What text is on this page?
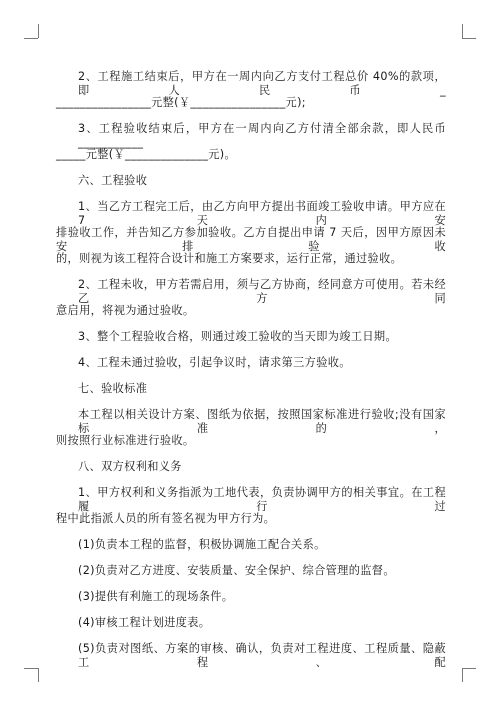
2、工程施工结束后，甲方在一周内向乙方支付工程总价 40%的款项，即人民币_
________________元整(￥________________元);
3、工程验收结束后，甲方在一周内向乙方付清全部余款，即人民币___________
_____元整(￥______________元)。
六、工程验收
1、当乙方工程完工后，由乙方向甲方提出书面竣工验收申请。甲方应在 7 天内安
排验收工作，并告知乙方参加验收。乙方自提出申请 7 天后，因甲方原因未安排验收
的，则视为该工程符合设计和施工方案要求，运行正常，通过验收。
2、工程未收，甲方若需启用，须与乙方协商，经同意方可使用。若未经乙方同
意启用，将视为通过验收。
3、整个工程验收合格，则通过竣工验收的当天即为竣工日期。
4、工程未通过验收，引起争议时，请求第三方验收。
七、验收标准
本工程以相关设计方案、图纸为依据，按照国家标准进行验收;没有国家标准的，
则按照行业标准进行验收。
八、双方权利和义务
1、甲方权利和义务指派为工地代表，负责协调甲方的相关事宜。在工程履行过
程中此指派人员的所有签名视为甲方行为。
(1)负责本工程的监督，积极协调施工配合关系。
(2)负责对乙方进度、安装质量、安全保护、综合管理的监督。
(3)提供有利施工的现场条件。
(4)审核工程计划进度表。
(5)负责对图纸、方案的审核、确认，负责对工程进度、工程质量、隐蔽工程、配
